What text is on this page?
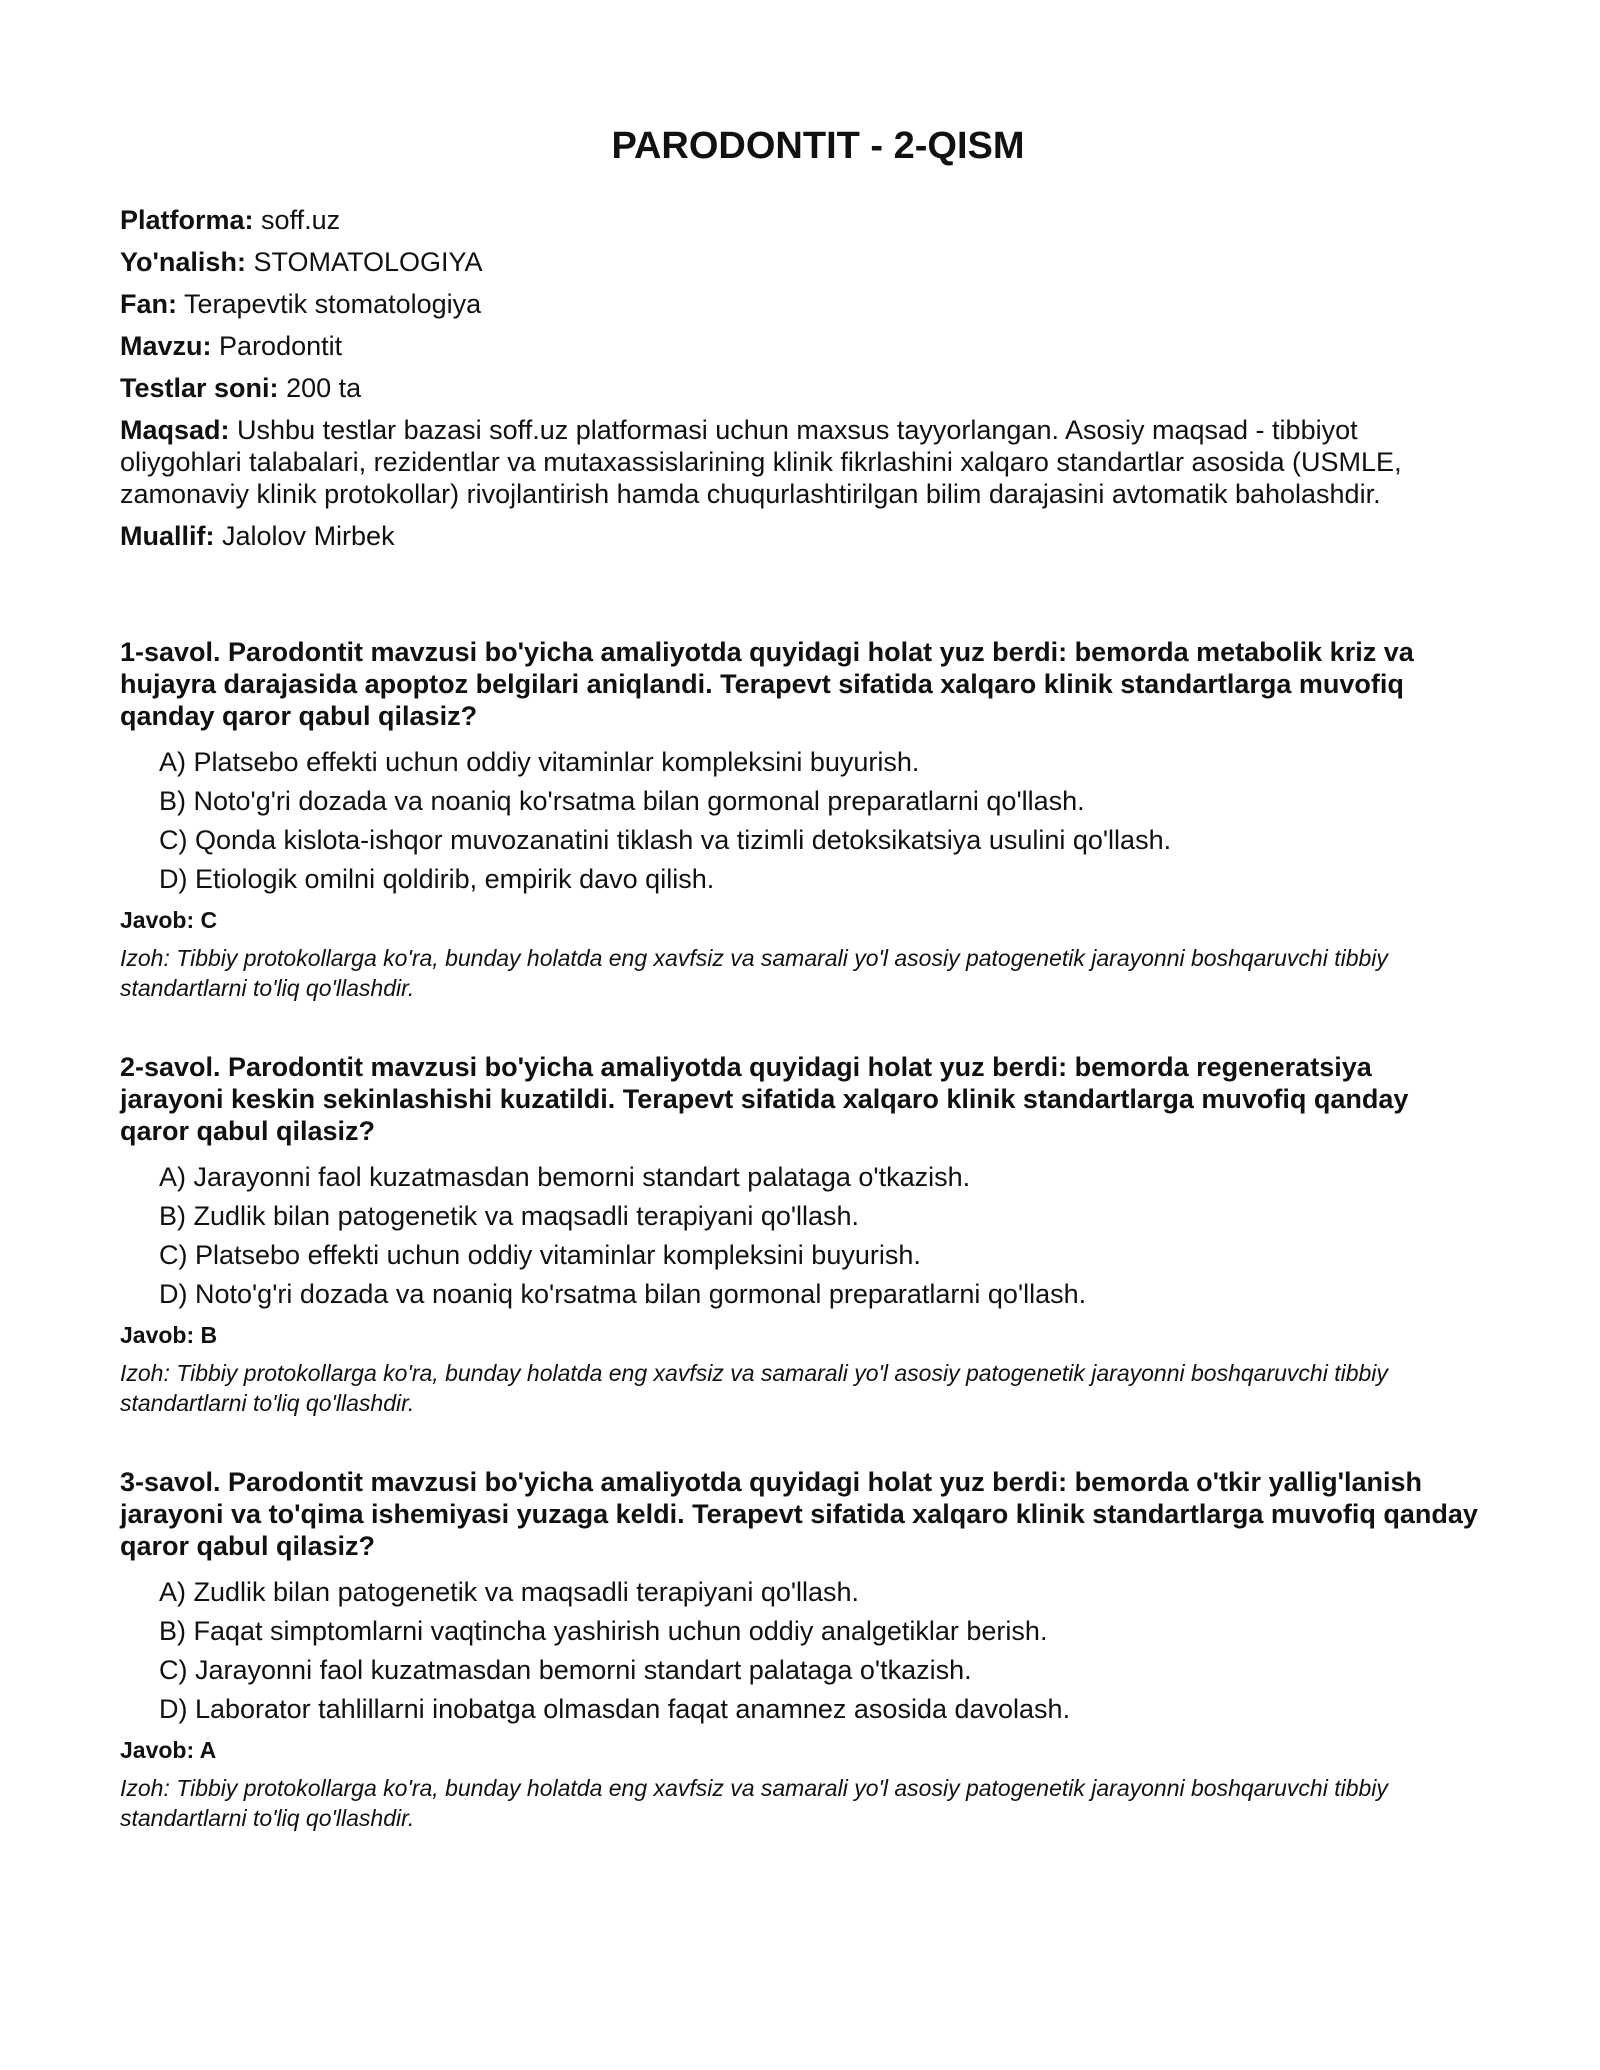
PARODONTIT - 2-QISM
Platforma: soff.uz
Yo'nalish: STOMATOLOGIYA
Fan: Terapevtik stomatologiya
Mavzu: Parodontit
Testlar soni: 200 ta
Maqsad: Ushbu testlar bazasi soff.uz platformasi uchun maxsus tayyorlangan. Asosiy maqsad - tibbiyot oliygohlari talabalari, rezidentlar va mutaxassislarining klinik fikrlashini xalqaro standartlar asosida (USMLE, zamonaviy klinik protokollar) rivojlantirish hamda chuqurlashtirilgan bilim darajasini avtomatik baholashdir.
Muallif: Jalolov Mirbek
1-savol. Parodontit mavzusi bo'yicha amaliyotda quyidagi holat yuz berdi: bemorda metabolik kriz va hujayra darajasida apoptoz belgilari aniqlandi. Terapevt sifatida xalqaro klinik standartlarga muvofiq qanday qaror qabul qilasiz?
A) Platsebo effekti uchun oddiy vitaminlar kompleksini buyurish.
B) Noto'g'ri dozada va noaniq ko'rsatma bilan gormonal preparatlarni qo'llash.
C) Qonda kislota-ishqor muvozanatini tiklash va tizimli detoksikatsiya usulini qo'llash.
D) Etiologik omilni qoldirib, empirik davo qilish.
Javob: C
Izoh: Tibbiy protokollarga ko'ra, bunday holatda eng xavfsiz va samarali yo'l asosiy patogenetik jarayonni boshqaruvchi tibbiy standartlarni to'liq qo'llashdir.
2-savol. Parodontit mavzusi bo'yicha amaliyotda quyidagi holat yuz berdi: bemorda regeneratsiya jarayoni keskin sekinlashishi kuzatildi. Terapevt sifatida xalqaro klinik standartlarga muvofiq qanday qaror qabul qilasiz?
A) Jarayonni faol kuzatmasdan bemorni standart palataga o'tkazish.
B) Zudlik bilan patogenetik va maqsadli terapiyani qo'llash.
C) Platsebo effekti uchun oddiy vitaminlar kompleksini buyurish.
D) Noto'g'ri dozada va noaniq ko'rsatma bilan gormonal preparatlarni qo'llash.
Javob: B
Izoh: Tibbiy protokollarga ko'ra, bunday holatda eng xavfsiz va samarali yo'l asosiy patogenetik jarayonni boshqaruvchi tibbiy standartlarni to'liq qo'llashdir.
3-savol. Parodontit mavzusi bo'yicha amaliyotda quyidagi holat yuz berdi: bemorda o'tkir yallig'lanish jarayoni va to'qima ishemiyasi yuzaga keldi. Terapevt sifatida xalqaro klinik standartlarga muvofiq qanday qaror qabul qilasiz?
A) Zudlik bilan patogenetik va maqsadli terapiyani qo'llash.
B) Faqat simptomlarni vaqtincha yashirish uchun oddiy analgetiklar berish.
C) Jarayonni faol kuzatmasdan bemorni standart palataga o'tkazish.
D) Laborator tahlillarni inobatga olmasdan faqat anamnez asosida davolash.
Javob: A
Izoh: Tibbiy protokollarga ko'ra, bunday holatda eng xavfsiz va samarali yo'l asosiy patogenetik jarayonni boshqaruvchi tibbiy standartlarni to'liq qo'llashdir.
